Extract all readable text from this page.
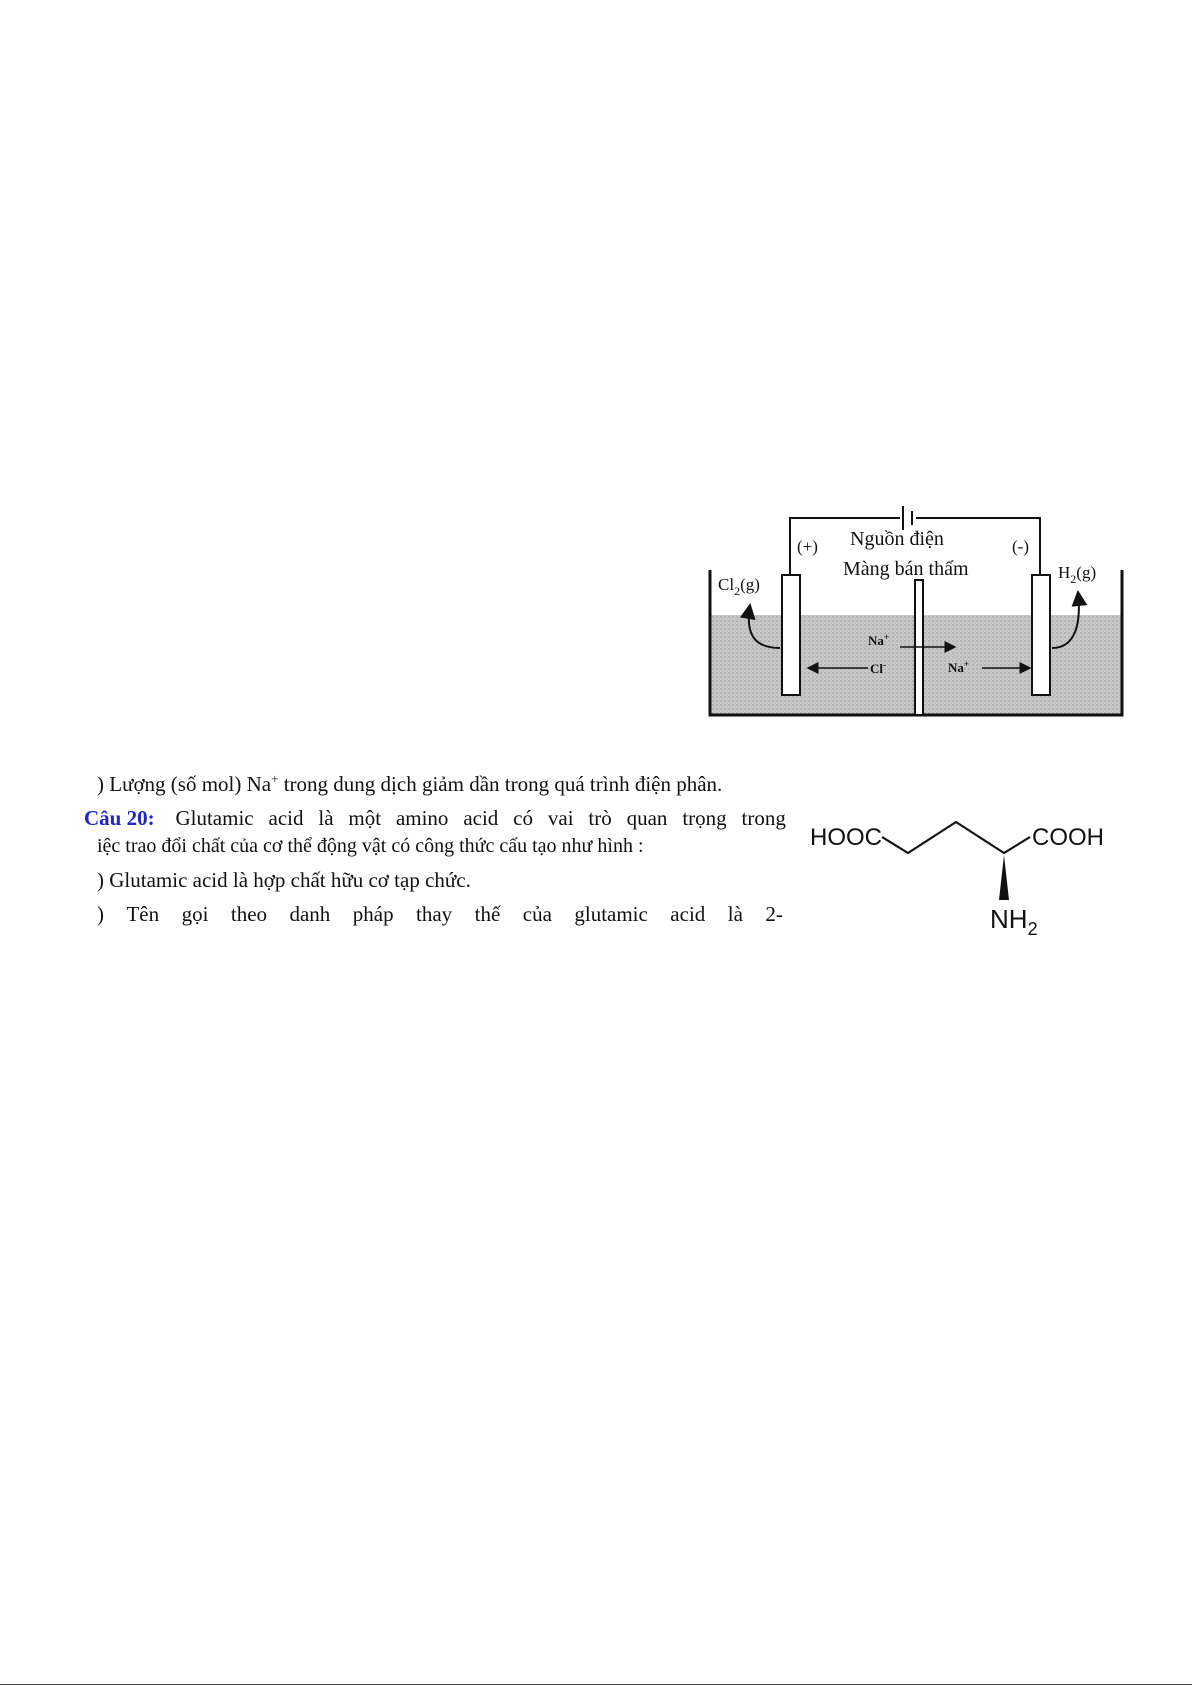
Nguồn điện
Màng bán thấm
(+)	(-)
$Cl_2(g)$
$H_2(g)$
Na+
Cl-	Na+
) Lượng (số mol) Na+ trong dung dịch giảm dần trong quá trình điện phân.
Câu 20: Glutamic acid là một amino acid có vai trò quan trọng trong
iệc trao đổi chất của cơ thể động vật có công thức cấu tạo như hình :
) Glutamic acid là hợp chất hữu cơ tạp chức.
) Tên gọi theo danh pháp thay thế của glutamic acid là 2-
HOOC	COOH
$NH_2$
